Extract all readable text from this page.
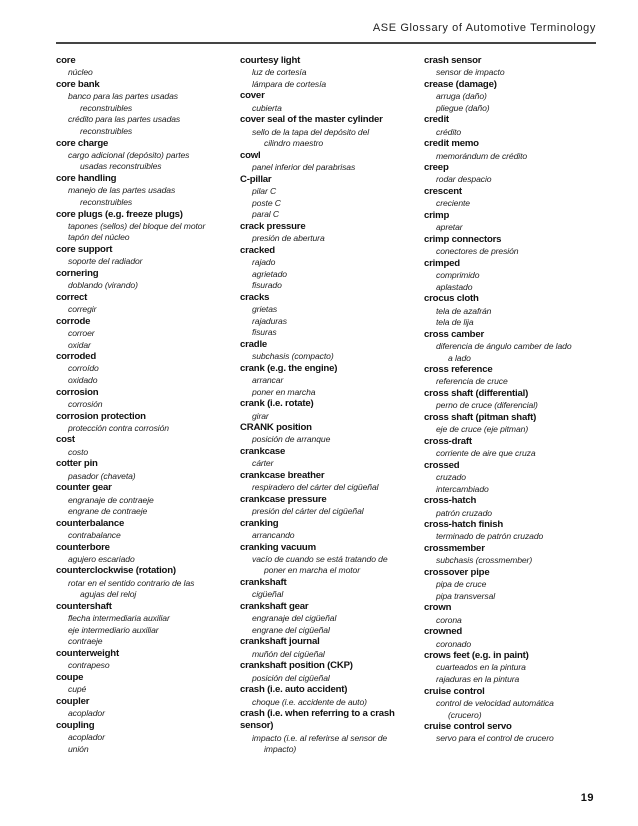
ASE Glossary of Automotive Terminology
core
núcleo
core bank
banco para las partes usadas
reconstruibles
crédito para las partes usadas
reconstruibles
core charge
cargo adicional (depósito) partes
usadas reconstruibles
core handling
manejo de las partes usadas
reconstruibles
core plugs (e.g. freeze plugs)
tapones (sellos) del bloque del motor
tapón del núcleo
core support
soporte del radiador
cornering
doblando (virando)
correct
corregir
corrode
corroer
oxidar
corroded
corroído
oxidado
corrosion
corrosión
corrosion protection
protección contra corrosión
cost
costo
cotter pin
pasador (chaveta)
counter gear
engranaje de contraeje
engrane de contraeje
counterbalance
contrabalance
counterbore
agujero escariado
counterclockwise (rotation)
rotar en el sentido contrario de las
agujas del reloj
countershaft
flecha intermediaria auxiliar
eje intermediario auxiliar
contraeje
counterweight
contrapeso
coupe
cupé
coupler
acoplador
coupling
acoplador
unión
courtesy light
luz de cortesía
lámpara de cortesía
cover
cubierta
cover seal of the master cylinder
sello de la tapa del depósito del
cilindro maestro
cowl
panel inferior del parabrisas
C-pillar
pilar C
poste C
paral C
crack pressure
presión de abertura
cracked
rajado
agrietado
fisurado
cracks
grietas
rajaduras
fisuras
cradle
subchasis (compacto)
crank (e.g. the engine)
arrancar
poner en marcha
crank (i.e. rotate)
girar
CRANK position
posición de arranque
crankcase
cárter
crankcase breather
respiradero del cárter del cigüeñal
crankcase pressure
presión del cárter del cigüeñal
cranking
arrancando
cranking vacuum
vacío de cuando se está tratando de
poner en marcha el motor
crankshaft
cigüeñal
crankshaft gear
engranaje del cigüeñal
engrane del cigüeñal
crankshaft journal
muñón del cigüeñal
crankshaft position (CKP)
posición del cigüeñal
crash (i.e. auto accident)
choque (i.e. accidente de auto)
crash (i.e. when referring to a crash sensor)
impacto (i.e. al referirse al sensor de
impacto)
crash sensor
sensor de impacto
crease (damage)
arruga (daño)
pliegue (daño)
credit
crédito
credit memo
memorándum de crédito
creep
rodar despacio
crescent
creciente
crimp
apretar
crimp connectors
conectores de presión
crimped
comprimido
aplastado
crocus cloth
tela de azafrán
tela de lija
cross camber
diferencia de ángulo camber de lado
a lado
cross reference
referencia de cruce
cross shaft (differential)
perno de cruce (diferencial)
cross shaft (pitman shaft)
eje de cruce (eje pitman)
cross-draft
corriente de aire que cruza
crossed
cruzado
intercambiado
cross-hatch
patrón cruzado
cross-hatch finish
terminado de patrón cruzado
crossmember
subchasis (crossmember)
crossover pipe
pipa de cruce
pipa transversal
crown
corona
crowned
coronado
crows feet (e.g. in paint)
cuarteados en la pintura
rajaduras en la pintura
cruise control
control de velocidad automática
(crucero)
cruise control servo
servo para el control de crucero
19
